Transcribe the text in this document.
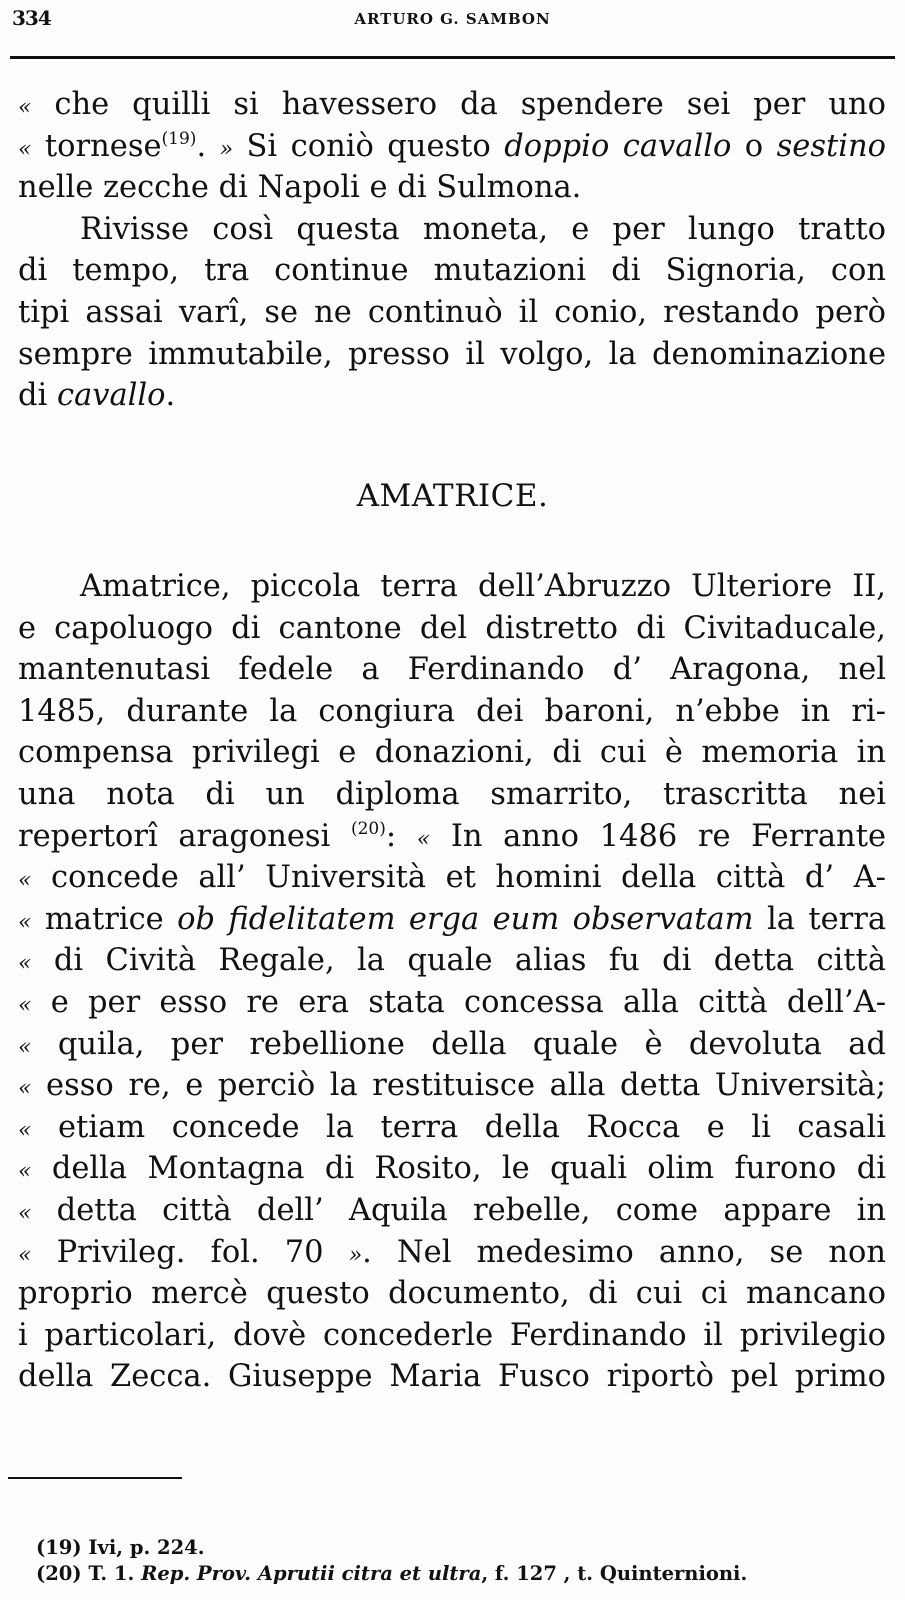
334	ARTURO G. SAMBON
« che quilli si havessero da spendere sei per uno
« tornese$^{(19)}$. » Si coniò questo doppio cavallo o sestino
nelle zecche di Napoli e di Sulmona.
Rivisse così questa moneta, e per lungo tratto
di tempo, tra continue mutazioni di Signoria, con
tipi assai varî, se ne continuò il conio, restando però
sempre immutabile, presso il volgo, la denominazione
di cavallo.
AMATRICE.
Amatrice, piccola terra dell’Abruzzo Ulteriore II,
e capoluogo di cantone del distretto di Civitaducale,
mantenutasi fedele a Ferdinando d’ Aragona, nel
1485, durante la congiura dei baroni, n’ebbe in ri-
compensa privilegi e donazioni, di cui è memoria in
una nota di un diploma smarrito, trascritta nei
repertorî aragonesi $^{(20)}$: « In anno 1486 re Ferrante
« concede all’ Università et homini della città d’ A-
« matrice ob fidelitatem erga eum observatam la terra
« di Cività Regale, la quale alias fu di detta città
« e per esso re era stata concessa alla città dell’A-
« quila, per rebellione della quale è devoluta ad
« esso re, e perciò la restituisce alla detta Università;
« etiam concede la terra della Rocca e li casali
« della Montagna di Rosito, le quali olim furono di
« detta città dell’ Aquila rebelle, come appare in
« Privileg. fol. 70 ». Nel medesimo anno, se non
proprio mercè questo documento, di cui ci mancano
i particolari, dovè concederle Ferdinando il privilegio
della Zecca. Giuseppe Maria Fusco riportò pel primo
(19) Ivi, p. 224.
(20) T. 1. Rep. Prov. Aprutii citra et ultra, f. 127 , t. Quinternioni.
